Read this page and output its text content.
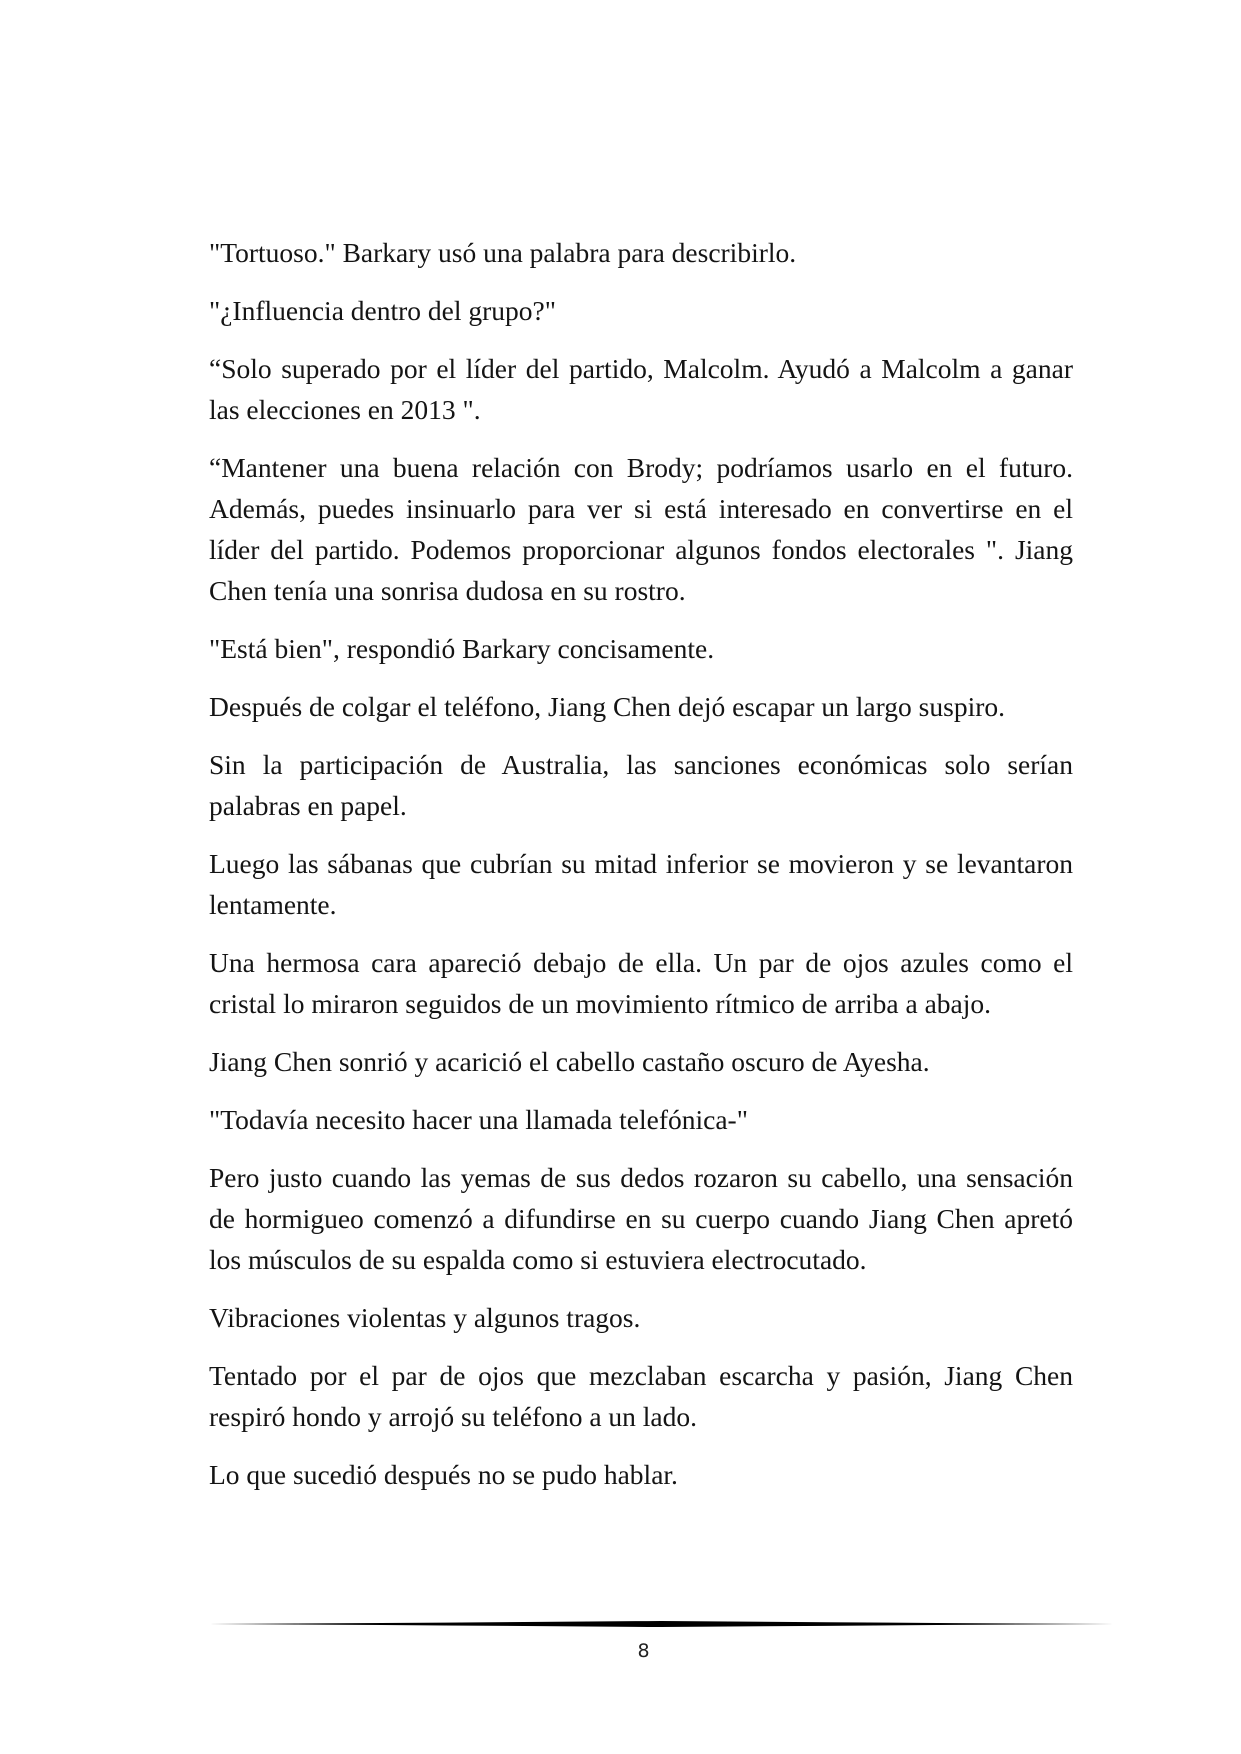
"Tortuoso." Barkary usó una palabra para describirlo.

"¿Influencia dentro del grupo?"

“Solo superado por el líder del partido, Malcolm. Ayudó a Malcolm a ganar las elecciones en 2013 ".

“Mantener una buena relación con Brody; podríamos usarlo en el futuro. Además, puedes insinuarlo para ver si está interesado en convertirse en el líder del partido. Podemos proporcionar algunos fondos electorales ". Jiang Chen tenía una sonrisa dudosa en su rostro.

"Está bien", respondió Barkary concisamente.

Después de colgar el teléfono, Jiang Chen dejó escapar un largo suspiro.

Sin la participación de Australia, las sanciones económicas solo serían palabras en papel.

Luego las sábanas que cubrían su mitad inferior se movieron y se levantaron lentamente.

Una hermosa cara apareció debajo de ella. Un par de ojos azules como el cristal lo miraron seguidos de un movimiento rítmico de arriba a abajo.

Jiang Chen sonrió y acarició el cabello castaño oscuro de Ayesha.

"Todavía necesito hacer una llamada telefónica-"

Pero justo cuando las yemas de sus dedos rozaron su cabello, una sensación de hormigueo comenzó a difundirse en su cuerpo cuando Jiang Chen apretó los músculos de su espalda como si estuviera electrocutado.

Vibraciones violentas y algunos tragos.

Tentado por el par de ojos que mezclaban escarcha y pasión, Jiang Chen respiró hondo y arrojó su teléfono a un lado.

Lo que sucedió después no se pudo hablar.

8
